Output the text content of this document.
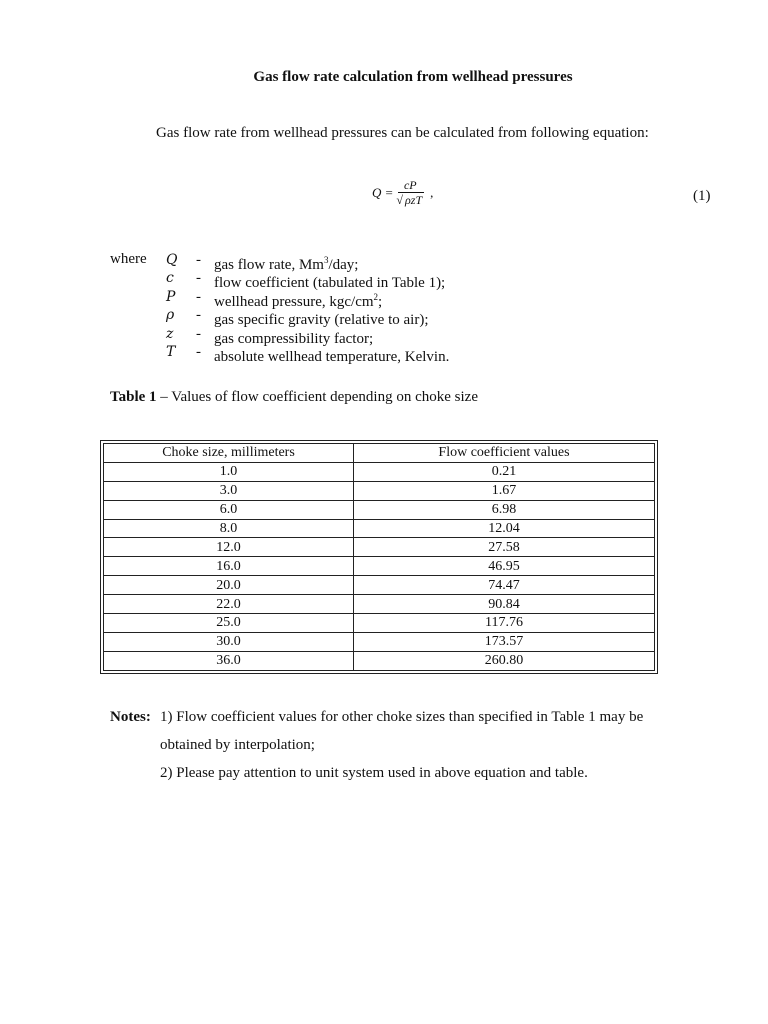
Gas flow rate calculation from wellhead pressures
Gas flow rate from wellhead pressures can be calculated from following equation:
$Q = \frac{cP}{\text{√ ρzT}}$ ,	(1)
where Q	- gas flow rate, Mm$^3$/day;
c	- flow coefficient (tabulated in Table 1);
P	- wellhead pressure, kgc/$cm^2$;
ρ	- gas specific gravity (relative to air);
z	- gas compressibility factor;
T	- absolute wellhead temperature, Kelvin.
Table 1 – Values of flow coefficient depending on choke size
Choke size, millimeters	Flow coefficient values
1.0	0.21
3.0	1.67
6.0	6.98
8.0	12.04
12.0	27.58
16.0	46.95
20.0	74.47
22.0	90.84
25.0	117.76
30.0	173.57
36.0	260.80
Notes: 1) Flow coefficient values for other choke sizes than specified in Table 1 may be
obtained by interpolation;
2) Please pay attention to unit system used in above equation and table.
